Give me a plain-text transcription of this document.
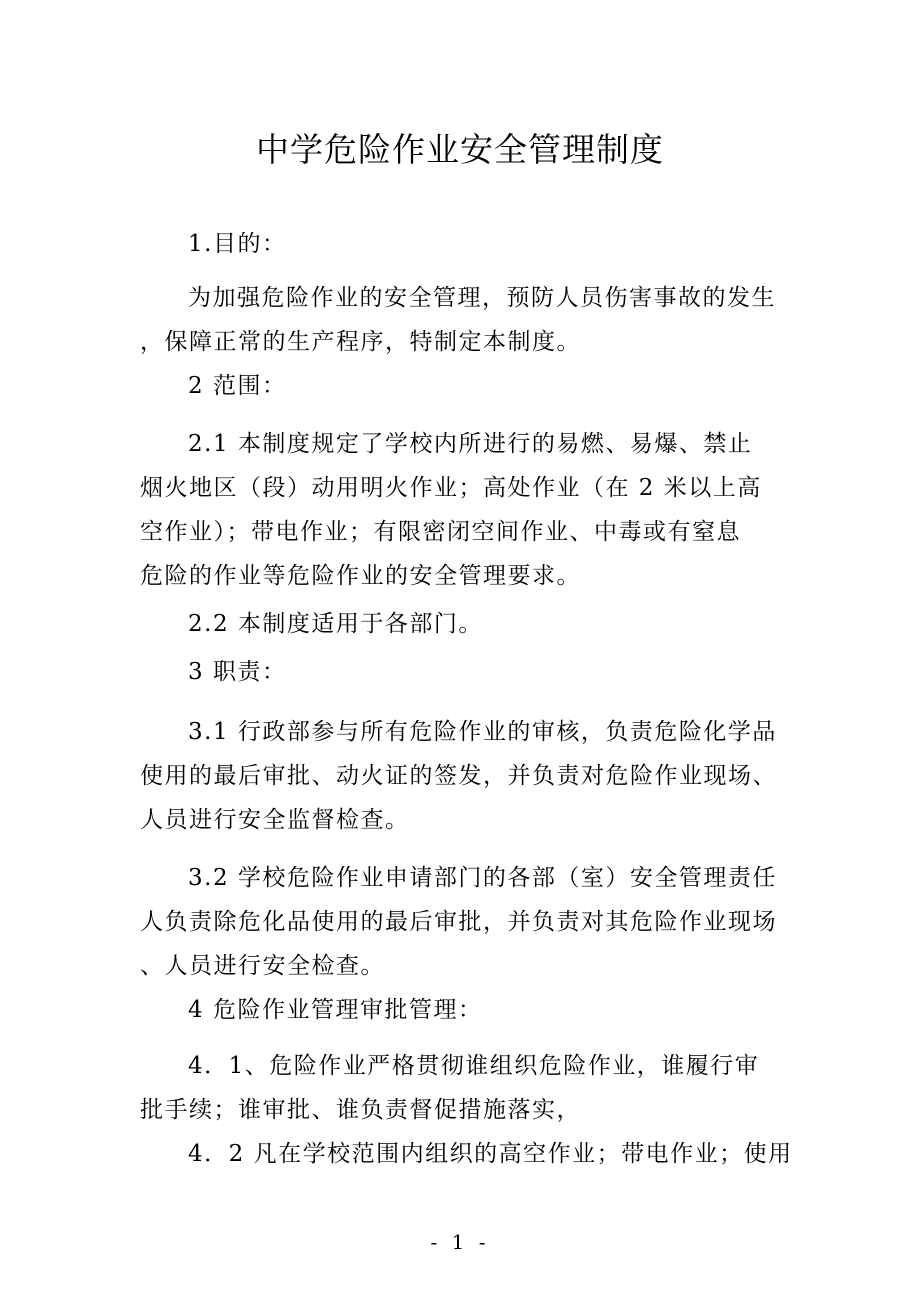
中学危险作业安全管理制度

1.目的：

为加强危险作业的安全管理，预防人员伤害事故的发生
，保障正常的生产程序，特制定本制度。

2 范围：

2.1 本制度规定了学校内所进行的易燃、易爆、禁止
烟火地区（段）动用明火作业；高处作业（在 2 米以上高
空作业）；带电作业；有限密闭空间作业、中毒或有窒息
危险的作业等危险作业的安全管理要求。

2.2 本制度适用于各部门。

3 职责：

3.1 行政部参与所有危险作业的审核，负责危险化学品
使用的最后审批、动火证的签发，并负责对危险作业现场、
人员进行安全监督检查。

3.2 学校危险作业申请部门的各部（室）安全管理责任
人负责除危化品使用的最后审批，并负责对其危险作业现场
、人员进行安全检查。

4 危险作业管理审批管理：

4．1、危险作业严格贯彻谁组织危险作业，谁履行审
批手续；谁审批、谁负责督促措施落实，

4．2 凡在学校范围内组织的高空作业；带电作业；使用

- 1 -
